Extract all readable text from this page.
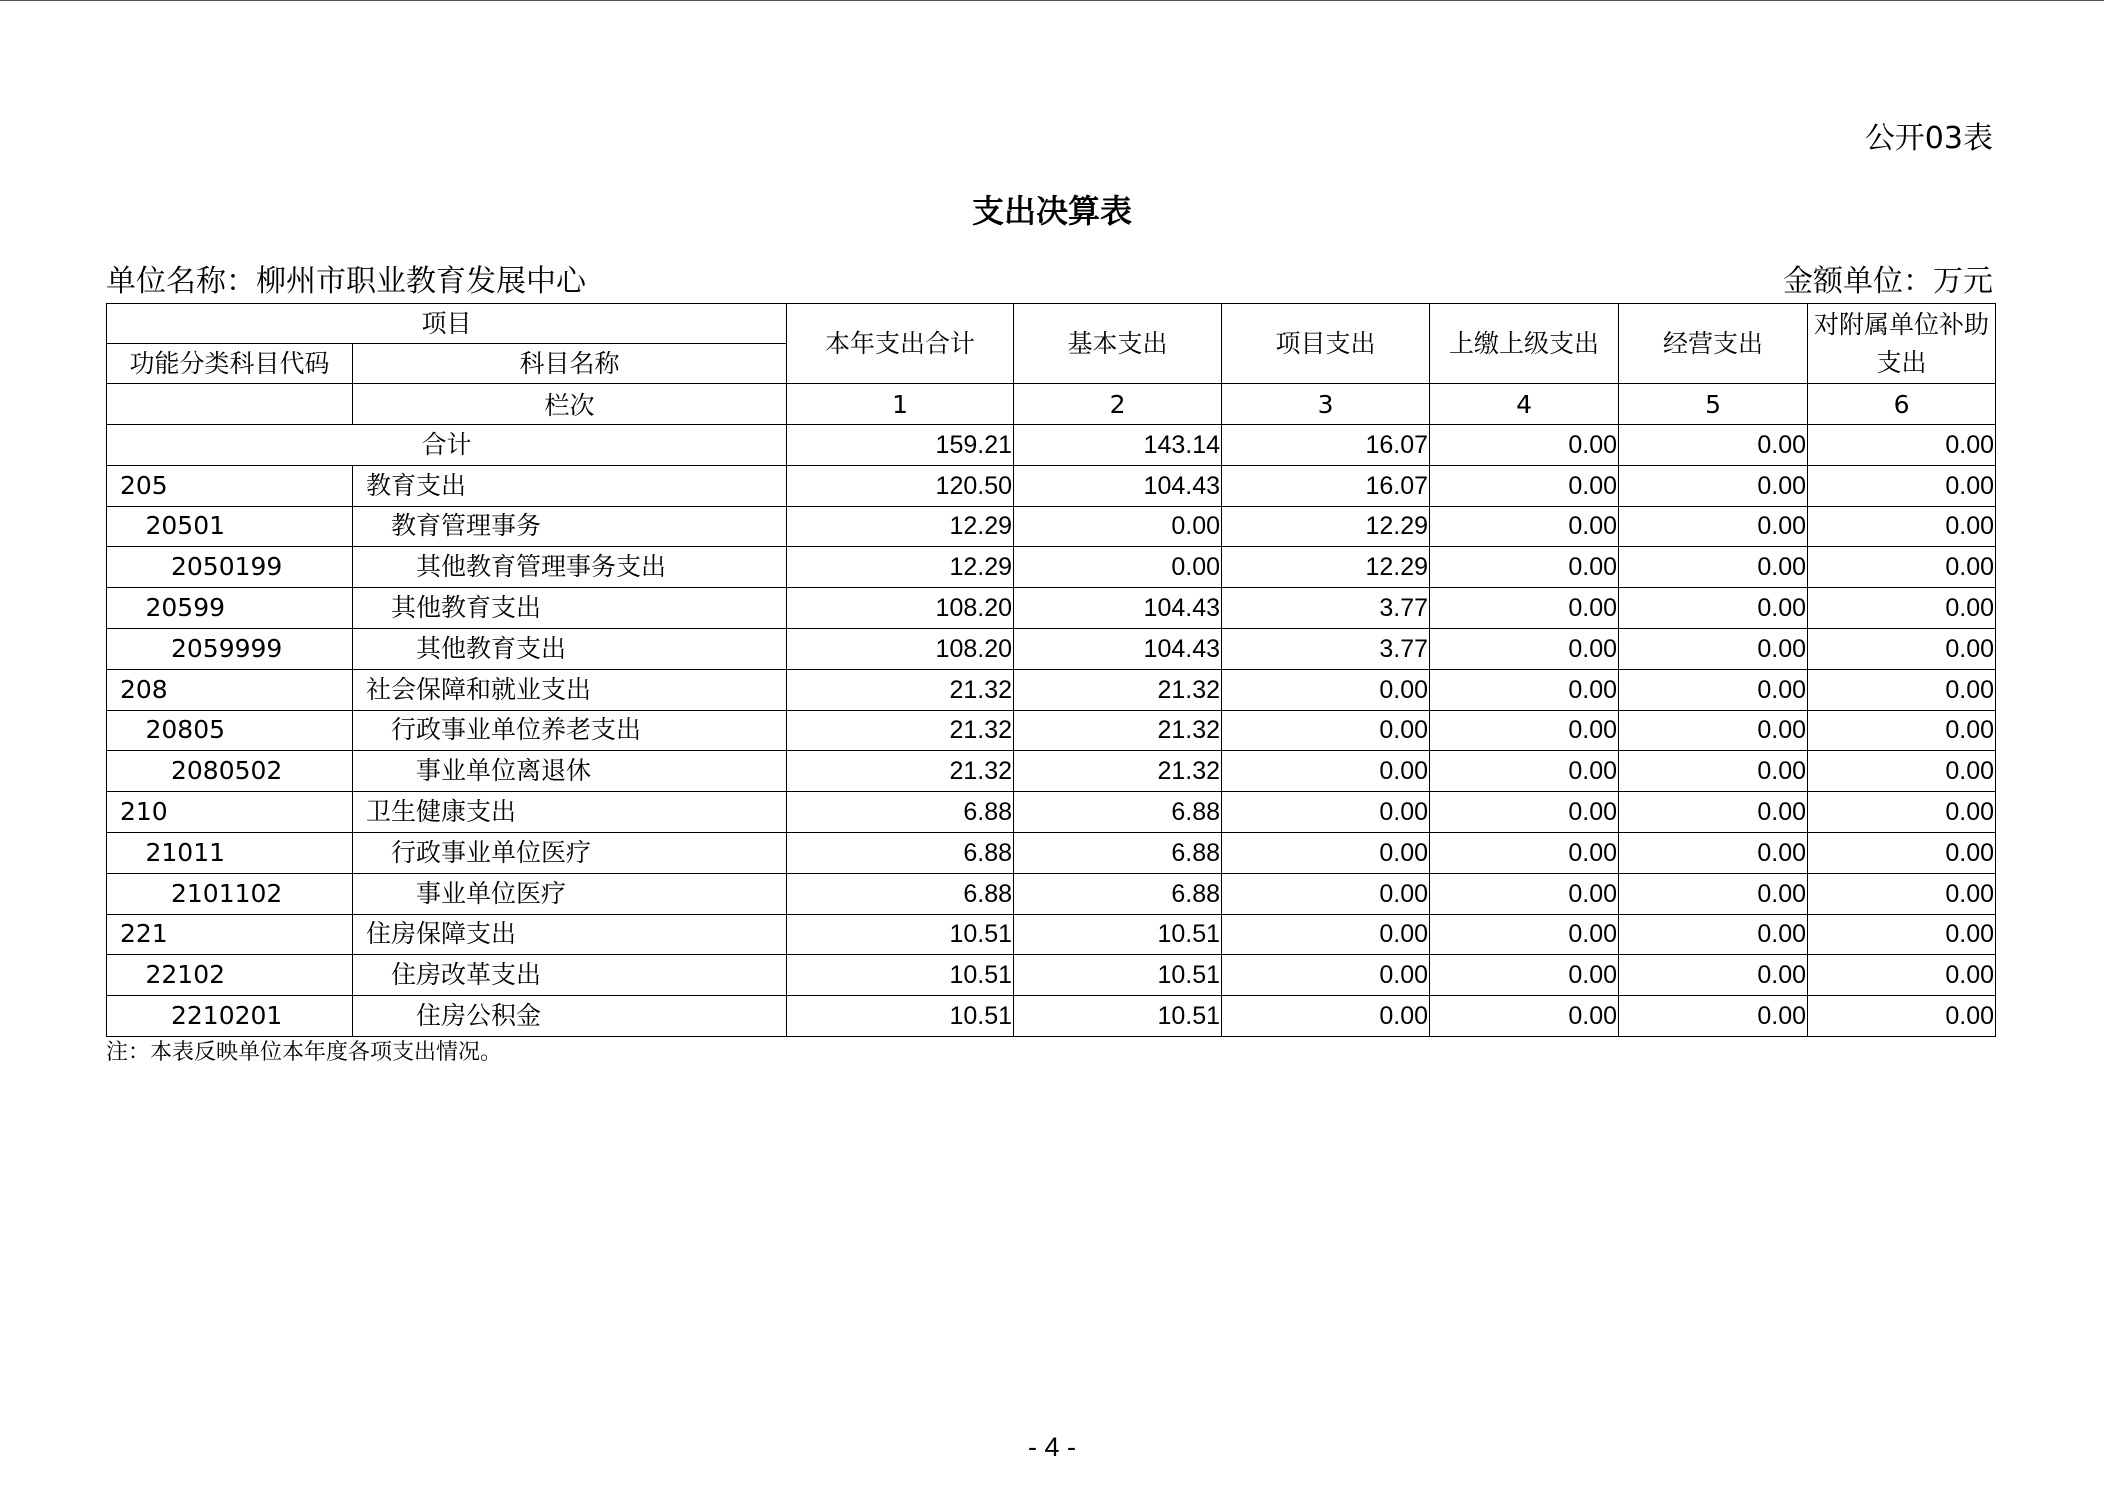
公开03表
支出决算表
单位名称：柳州市职业教育发展中心	金额单位：万元
项目		本年支出合计	基本支出	项目支出	上缴上级支出	经营支出	对附属单位补助支出
功能分类科目代码	科目名称						
	栏次	1	2	3	4	5	6
合计		159.21	143.14	16.07	0.00	0.00	0.00
205	教育支出	120.50	104.43	16.07	0.00	0.00	0.00
20501	教育管理事务	12.29	0.00	12.29	0.00	0.00	0.00
2050199	其他教育管理事务支出	12.29	0.00	12.29	0.00	0.00	0.00
20599	其他教育支出	108.20	104.43	3.77	0.00	0.00	0.00
2059999	其他教育支出	108.20	104.43	3.77	0.00	0.00	0.00
208	社会保障和就业支出	21.32	21.32	0.00	0.00	0.00	0.00
20805	行政事业单位养老支出	21.32	21.32	0.00	0.00	0.00	0.00
2080502	事业单位离退休	21.32	21.32	0.00	0.00	0.00	0.00
210	卫生健康支出	6.88	6.88	0.00	0.00	0.00	0.00
21011	行政事业单位医疗	6.88	6.88	0.00	0.00	0.00	0.00
2101102	事业单位医疗	6.88	6.88	0.00	0.00	0.00	0.00
221	住房保障支出	10.51	10.51	0.00	0.00	0.00	0.00
22102	住房改革支出	10.51	10.51	0.00	0.00	0.00	0.00
2210201	住房公积金	10.51	10.51	0.00	0.00	0.00	0.00
注：本表反映单位本年度各项支出情况。
- 4 -
